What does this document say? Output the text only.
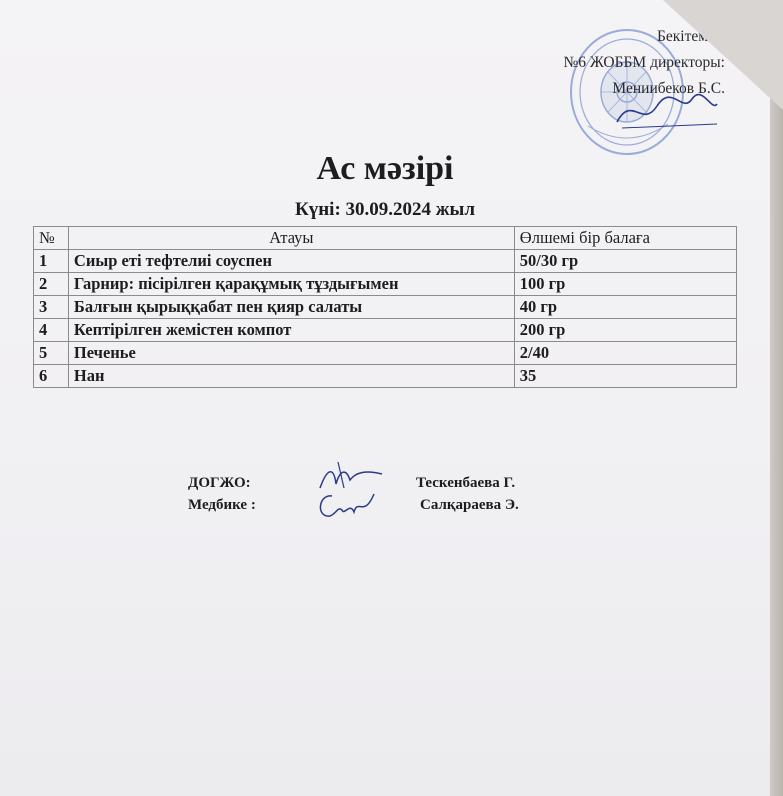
Бекітемін:
№6 ЖОББМ директоры:
Мениибеков Б.С.
Ас мәзірі
Күні: 30.09.2024 жыл
№	Атауы	Өлшемі бір балаға
1	Сиыр еті тефтелиі соуспен	50/30 гр
2	Гарнир: пісірілген қарақұмық тұздығымен	100 гр
3	Балғын қырыққабат пен қияр салаты	40 гр
4	Кептірілген жемістен компот	200 гр
5	Печенье	2/40
6	Нан	35
ДОГЖО:	Тескенбаева Г.
Медбике :	Салқараева Э.
